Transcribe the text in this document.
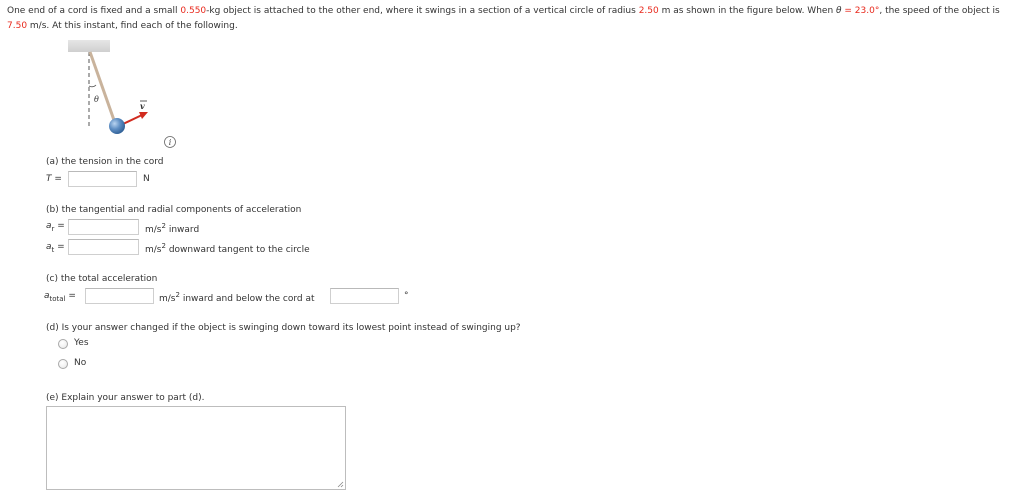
One end of a cord is fixed and a small 0.550-kg object is attached to the other end, where it swings in a section of a vertical circle of radius 2.50 m as shown in the figure below. When θ = 23.0°, the speed of the object is 7.50 m/s. At this instant, find each of the following.
θ
v
i
(a) the tension in the cord
T =	N
(b) the tangential and radial components of acceleration
$a_r$ =	$m/s^2$ inward
$a_t$ =	$m/s^2$ downward tangent to the circle
(c) the total acceleration
$a_{total}$ =	$m/s^2$ inward and below the cord at	°
(d) Is your answer changed if the object is swinging down toward its lowest point instead of swinging up?
Yes
No
(e) Explain your answer to part (d).
